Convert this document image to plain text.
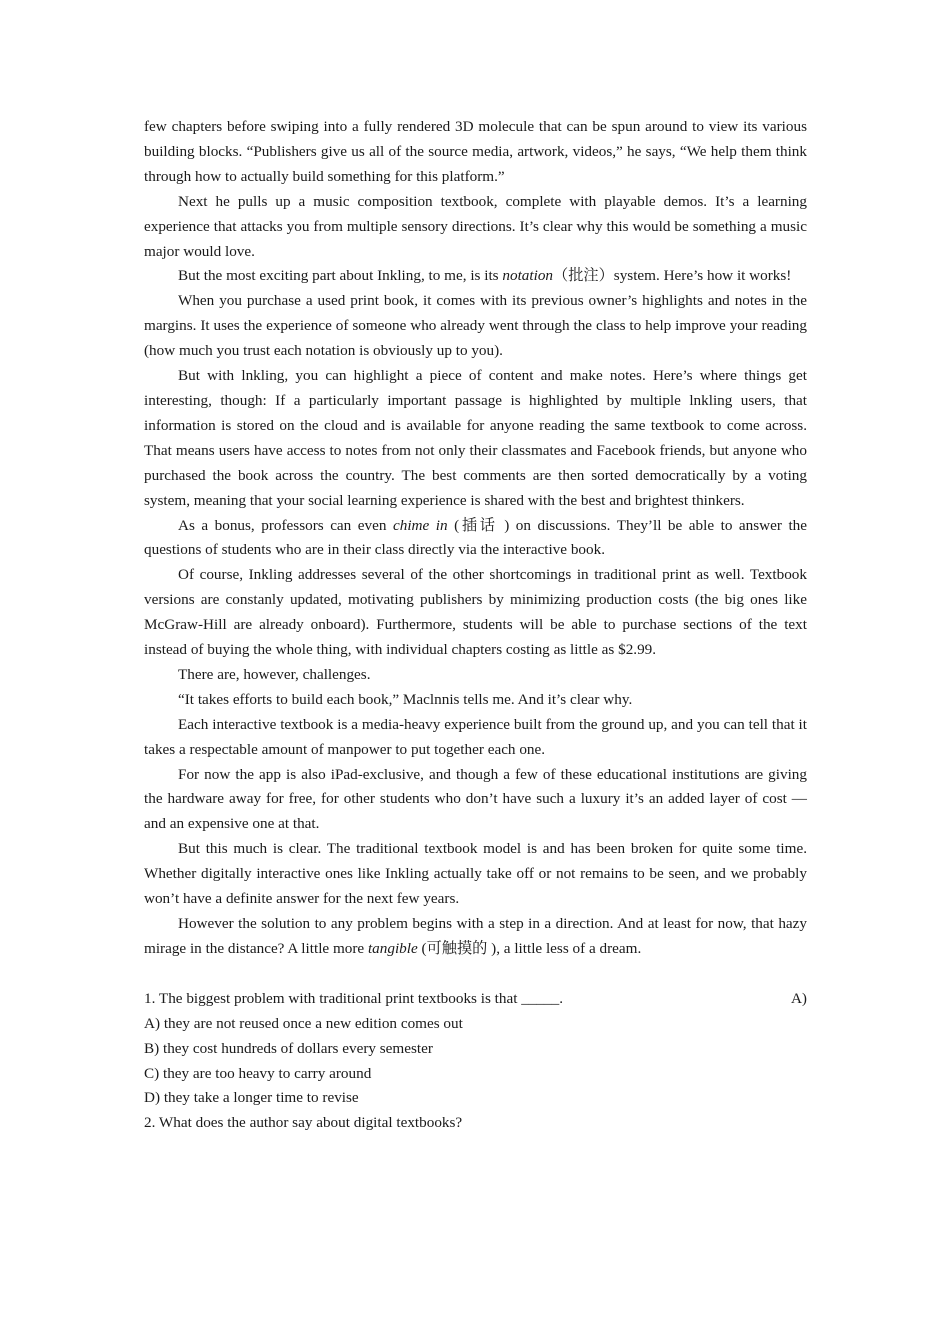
few chapters before swiping into a fully rendered 3D molecule that can be spun around to view its various building blocks. “Publishers give us all of the source media, artwork, videos,” he says, “We help them think through how to actually build something for this platform.”

Next he pulls up a music composition textbook, complete with playable demos. It’s a learning experience that attacks you from multiple sensory directions. It’s clear why this would be something a music major would love.

But the most exciting part about Inkling, to me, is its notation（批注）system. Here’s how it works!

When you purchase a used print book, it comes with its previous owner’s highlights and notes in the margins. It uses the experience of someone who already went through the class to help improve your reading (how much you trust each notation is obviously up to you).

But with lnkling, you can highlight a piece of content and make notes. Here’s where things get interesting, though: If a particularly important passage is highlighted by multiple lnkling users, that information is stored on the cloud and is available for anyone reading the same textbook to come across. That means users have access to notes from not only their classmates and Facebook friends, but anyone who purchased the book across the country. The best comments are then sorted democratically by a voting system, meaning that your social learning experience is shared with the best and brightest thinkers.

As a bonus, professors can even chime in (插话 ) on discussions. They’ll be able to answer the questions of students who are in their class directly via the interactive book.

Of course, Inkling addresses several of the other shortcomings in traditional print as well. Textbook versions are constanly updated, motivating publishers by minimizing production costs (the big ones like McGraw-Hill are already onboard). Furthermore, students will be able to purchase sections of the text instead of buying the whole thing, with individual chapters costing as little as $2.99.

There are, however, challenges.

“It takes efforts to build each book,” Maclnnis tells me. And it’s clear why.

Each interactive textbook is a media-heavy experience built from the ground up, and you can tell that it takes a respectable amount of manpower to put together each one.

For now the app is also iPad-exclusive, and though a few of these educational institutions are giving the hardware away for free, for other students who don’t have such a luxury it’s an added layer of cost — and an expensive one at that.

But this much is clear. The traditional textbook model is and has been broken for quite some time. Whether digitally interactive ones like Inkling actually take off or not remains to be seen, and we probably won’t have a definite answer for the next few years.

However the solution to any problem begins with a step in a direction. And at least for now, that hazy mirage in the distance? A little more tangible (可触摸的 ), a little less of a dream.

1. The biggest problem with traditional print textbooks is that _____.	A)

A) they are not reused once a new edition comes out

B) they cost hundreds of dollars every semester

C) they are too heavy to carry around

D) they take a longer time to revise

2. What does the author say about digital textbooks?
